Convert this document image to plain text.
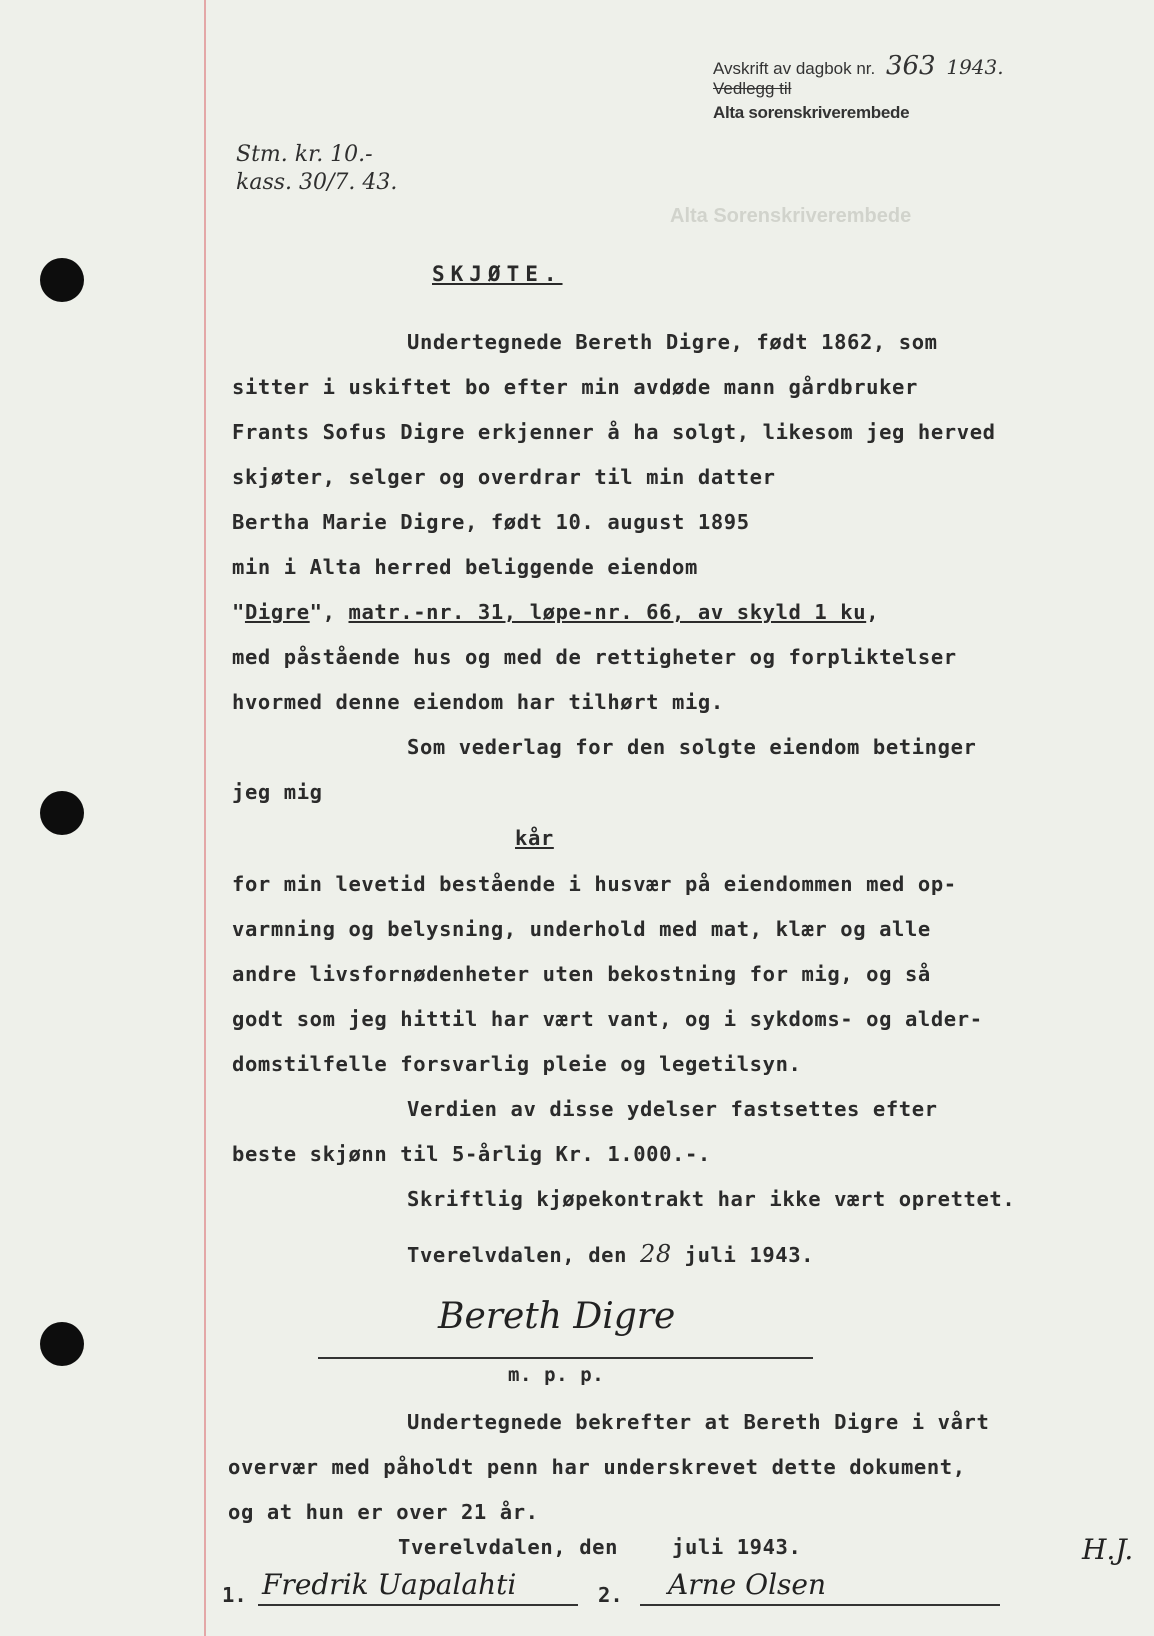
Avskrift av dagbok nr. 363 1943.
Vedlegg til
Alta sorenskriverembede
Alta Sorenskriverembede
Stm. kr. 10.-
kass. 30/7. 43.
SKJØTE.
Undertegnede Bereth Digre, født 1862, som
sitter i uskiftet bo efter min avdøde mann gårdbruker
Frants Sofus Digre erkjenner å ha solgt, likesom jeg herved
skjøter, selger og overdrar til min datter
Bertha Marie Digre, født 10. august 1895
min i Alta herred beliggende eiendom
"Digre", matr.-nr. 31, løpe-nr. 66, av skyld 1 ku,
med påstående hus og med de rettigheter og forpliktelser
hvormed denne eiendom har tilhørt mig.
Som vederlag for den solgte eiendom betinger
jeg mig
kår
for min levetid bestående i husvær på eiendommen med op-
varmning og belysning, underhold med mat, klær og alle
andre livsfornødenheter uten bekostning for mig, og så
godt som jeg hittil har vært vant, og i sykdoms- og alder-
domstilfelle forsvarlig pleie og legetilsyn.
Verdien av disse ydelser fastsettes efter
beste skjønn til 5-årlig Kr. 1.000.-.
Skriftlig kjøpekontrakt har ikke vært oprettet.
Tverelvdalen, den 28 juli 1943.
Bereth Digre
m. p. p.
Undertegnede bekrefter at Bereth Digre i vårt
overvær med påholdt penn har underskrevet dette dokument,
og at hun er over 21 år.
Tverelvdalen, den	juli 1943.
1. Fredrik Uapalahti	2. Arne Olsen
H.J.
